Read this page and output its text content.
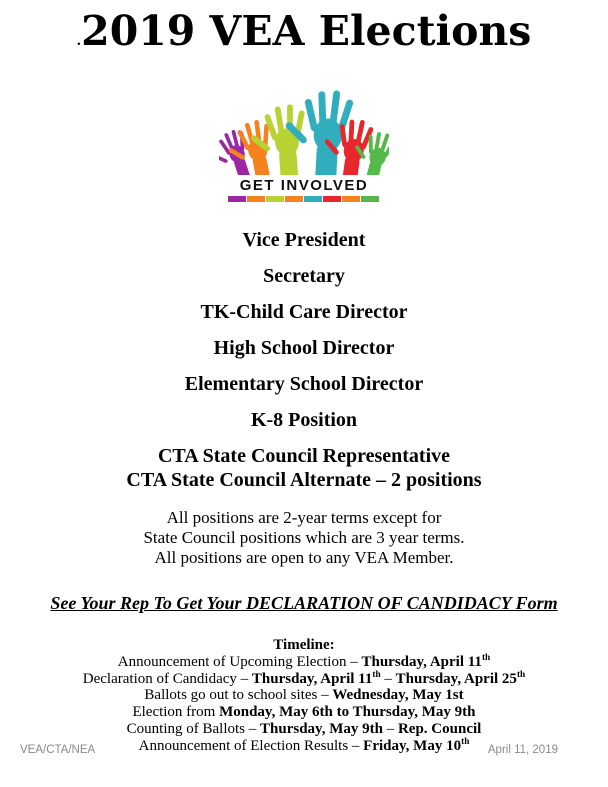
.2019 VEA Elections
GET INVOLVED
Vice President
Secretary
TK-Child Care Director
High School Director
Elementary School Director
K-8 Position
CTA State Council Representative
CTA State Council Alternate – 2 positions
All positions are 2-year terms except for
State Council positions which are 3 year terms.
All positions are open to any VEA Member.
See Your Rep To Get Your DECLARATION OF CANDIDACY Form
Timeline:
Announcement of Upcoming Election – Thursday, April 11th
Declaration of Candidacy – Thursday, April 11th – Thursday, April 25th
Ballots go out to school sites – Wednesday, May 1st
Election from Monday, May 6th to Thursday, May 9th
Counting of Ballots – Thursday, May 9th – Rep. Council
Announcement of Election Results – Friday, May 10th
VEA/CTA/NEA	April 11, 2019
